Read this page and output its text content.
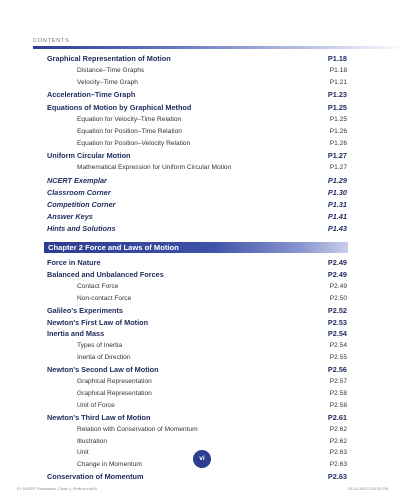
CONTENTS
Graphical Representation of Motion	P1.18
Distance–Time Graphs	P1.18
Velocity–Time Graph	P1.21
Acceleration–Time Graph	P1.23
Equations of Motion by Graphical Method	P1.25
Equation for Velocity–Time Relation	P1.25
Equation for Position–Time Relation	P1.26
Equation for Position–Velocity Relation	P1.26
Uniform Circular Motion	P1.27
Mathematical Expression for Uniform Circular Motion	P1.27
NCERT Exemplar	P1.29
Classroom Corner	P1.30
Competition Corner	P1.31
Answer Keys	P1.41
Hints and Solutions	P1.43
Chapter 2 Force and Laws of Motion
Force in Nature	P2.49
Balanced and Unbalanced Forces	P2.49
Contact Force	P2.49
Non-contact Force	P2.50
Galileo's Experiments	P2.52
Newton's First Law of Motion	P2.53
Inertia and Mass	P2.54
Types of Inertia	P2.54
Inertia of Direction	P2.55
Newton's Second Law of Motion	P2.56
Graphical Representation	P2.57
Graphical Representation	P2.58
Unit of Force	P2.58
Newton's Third Law of Motion	P2.61
Relation with Conservation of Momentum	P2.62
Illustration	P2.62
Unit	P2.63
Change in Momentum	P2.63
Conservation of Momentum	P2.63
vi
P-I NCERT Foundation_Class 9_Prelims.indd 6	26-10-2020 3:53:32 PM
